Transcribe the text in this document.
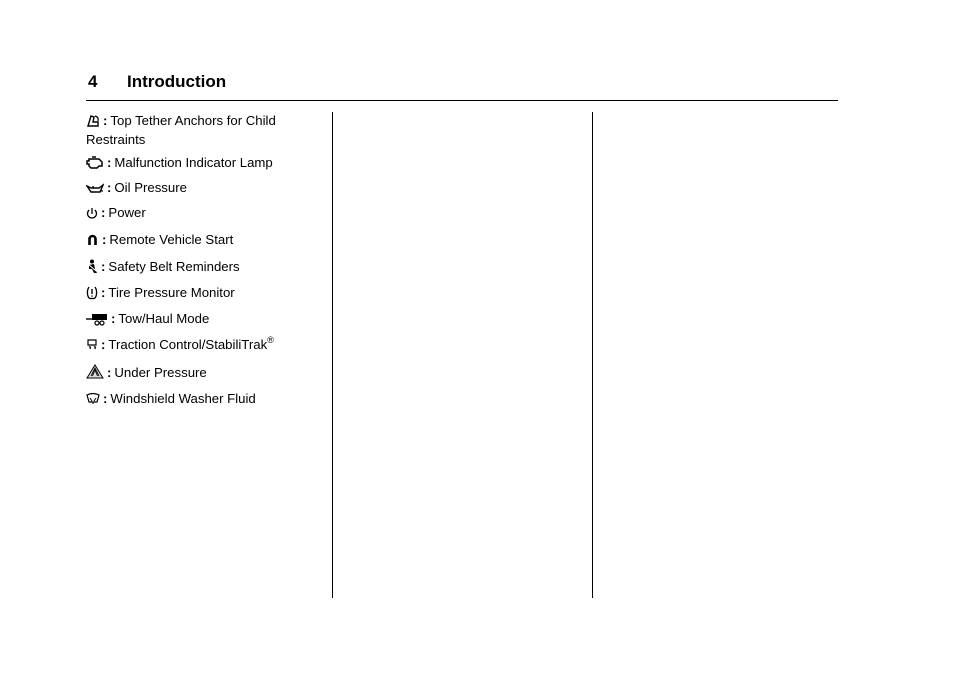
4 Introduction
: Top Tether Anchors for Child Restraints
: Malfunction Indicator Lamp
: Oil Pressure
: Power
: Remote Vehicle Start
: Safety Belt Reminders
: Tire Pressure Monitor
: Tow/Haul Mode
: Traction Control/StabiliTrak®
: Under Pressure
: Windshield Washer Fluid
